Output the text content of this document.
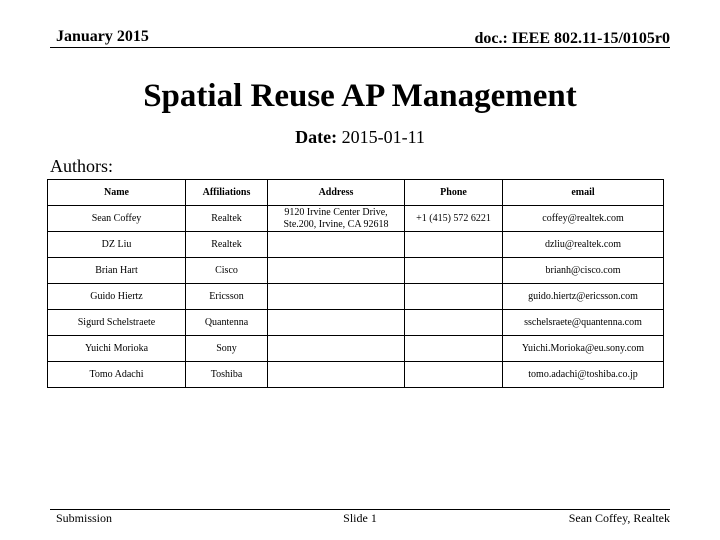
January 2015	doc.: IEEE 802.11-15/0105r0
Spatial Reuse AP Management
Date: 2015-01-11
Authors:
Name	Affiliations	Address	Phone	email
Sean Coffey	Realtek	9120 Irvine Center Drive, Ste.200, Irvine, CA 92618	+1 (415) 572 6221	coffey@realtek.com
DZ Liu	Realtek			dzliu@realtek.com
Brian Hart	Cisco			brianh@cisco.com
Guido Hiertz	Ericsson			guido.hiertz@ericsson.com
Sigurd Schelstraete	Quantenna			sschelsraete@quantenna.com
Yuichi Morioka	Sony			Yuichi.Morioka@eu.sony.com
Tomo Adachi	Toshiba			tomo.adachi@toshiba.co.jp
Submission	Slide 1	Sean Coffey, Realtek
